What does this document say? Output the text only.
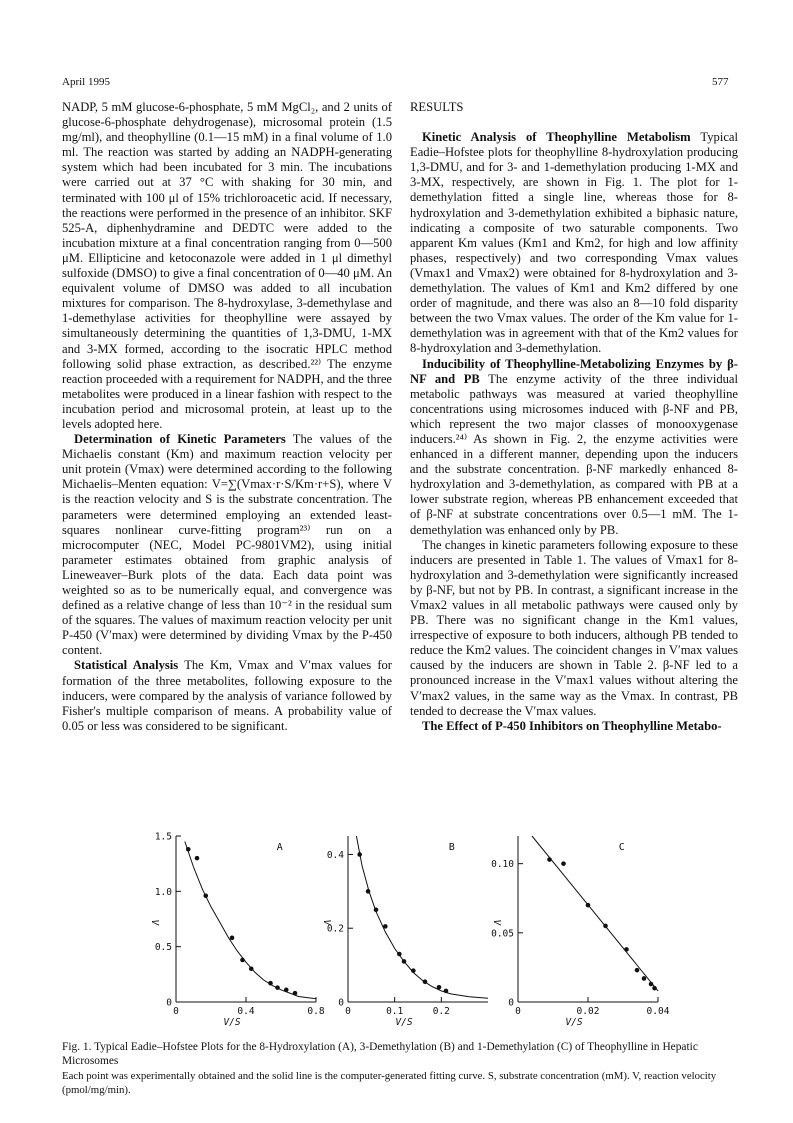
April 1995	577

NADP, 5 mM glucose-6-phosphate, 5 mM MgCl₂, and 2 units of glucose-6-phosphate dehydrogenase), microsomal protein (1.5 mg/ml), and theophylline (0.1—15 mM) in a final volume of 1.0 ml. The reaction was started by adding an NADPH-generating system which had been incubated for 3 min. The incubations were carried out at 37 °C with shaking for 30 min, and terminated with 100 μl of 15% trichloroacetic acid. If necessary, the reactions were performed in the presence of an inhibitor. SKF 525-A, diphenhydramine and DEDTC were added to the incubation mixture at a final concentration ranging from 0—500 μM. Ellipticine and ketoconazole were added in 1 μl dimethyl sulfoxide (DMSO) to give a final concentration of 0—40 μM. An equivalent volume of DMSO was added to all incubation mixtures for comparison. The 8-hydroxylase, 3-demethylase and 1-demethylase activities for theophylline were assayed by simultaneously determining the quantities of 1,3-DMU, 1-MX and 3-MX formed, according to the isocratic HPLC method following solid phase extraction, as described.²²⁾ The enzyme reaction proceeded with a requirement for NADPH, and the three metabolites were produced in a linear fashion with respect to the incubation period and microsomal protein, at least up to the levels adopted here.

Determination of Kinetic Parameters The values of the Michaelis constant (Km) and maximum reaction velocity per unit protein (Vmax) were determined according to the following Michaelis–Menten equation: V=∑(Vmax·r·S/Km·r+S), where V is the reaction velocity and S is the substrate concentration. The parameters were determined employing an extended least-squares nonlinear curve-fitting program²³⁾ run on a microcomputer (NEC, Model PC-9801VM2), using initial parameter estimates obtained from graphic analysis of Lineweaver–Burk plots of the data. Each data point was weighted so as to be numerically equal, and convergence was defined as a relative change of less than 10⁻² in the residual sum of the squares. The values of maximum reaction velocity per unit P-450 (V′max) were determined by dividing Vmax by the P-450 content.

Statistical Analysis The Km, Vmax and V′max values for formation of the three metabolites, following exposure to the inducers, were compared by the analysis of variance followed by Fisher's multiple comparison of means. A probability value of 0.05 or less was considered to be significant.

RESULTS

Kinetic Analysis of Theophylline Metabolism Typical Eadie–Hofstee plots for theophylline 8-hydroxylation producing 1,3-DMU, and for 3- and 1-demethylation producing 1-MX and 3-MX, respectively, are shown in Fig. 1. The plot for 1-demethylation fitted a single line, whereas those for 8-hydroxylation and 3-demethylation exhibited a biphasic nature, indicating a composite of two saturable components. Two apparent Km values (Km1 and Km2, for high and low affinity phases, respectively) and two corresponding Vmax values (Vmax1 and Vmax2) were obtained for 8-hydroxylation and 3-demethylation. The values of Km1 and Km2 differed by one order of magnitude, and there was also an 8—10 fold disparity between the two Vmax values. The order of the Km value for 1-demethylation was in agreement with that of the Km2 values for 8-hydroxylation and 3-demethylation.

Inducibility of Theophylline-Metabolizing Enzymes by β-NF and PB The enzyme activity of the three individual metabolic pathways was measured at varied theophylline concentrations using microsomes induced with β-NF and PB, which represent the two major classes of monooxygenase inducers.²⁴⁾ As shown in Fig. 2, the enzyme activities were enhanced in a different manner, depending upon the inducers and the substrate concentration. β-NF markedly enhanced 8-hydroxylation and 3-demethylation, as compared with PB at a lower substrate region, whereas PB enhancement exceeded that of β-NF at substrate concentrations over 0.5—1 mM. The 1-demethylation was enhanced only by PB.

The changes in kinetic parameters following exposure to these inducers are presented in Table 1. The values of Vmax1 for 8-hydroxylation and 3-demethylation were significantly increased by β-NF, but not by PB. In contrast, a significant increase in the Vmax2 values in all metabolic pathways were caused only by PB. There was no significant change in the Km1 values, irrespective of exposure to both inducers, although PB tended to reduce the Km2 values. The coincident changes in V′max values caused by the inducers are shown in Table 2. β-NF led to a pronounced increase in the V′max1 values without altering the V′max2 values, in the same way as the Vmax. In contrast, PB tended to decrease the V′max values.

The Effect of P-450 Inhibitors on Theophylline Metabo-

0
0.5
1.0
1.5
0	0.4	0.8
V/S
V
A
0
0.2
0.4
0	0.1	0.2
V/S
V
B
0
0.05
0.10
0	0.02	0.04
V/S
V
C
Fig. 1. Typical Eadie–Hofstee Plots for the 8-Hydroxylation (A), 3-Demethylation (B) and 1-Demethylation (C) of Theophylline in Hepatic Microsomes
Each point was experimentally obtained and the solid line is the computer-generated fitting curve. S, substrate concentration (mM). V, reaction velocity (pmol/mg/min).
